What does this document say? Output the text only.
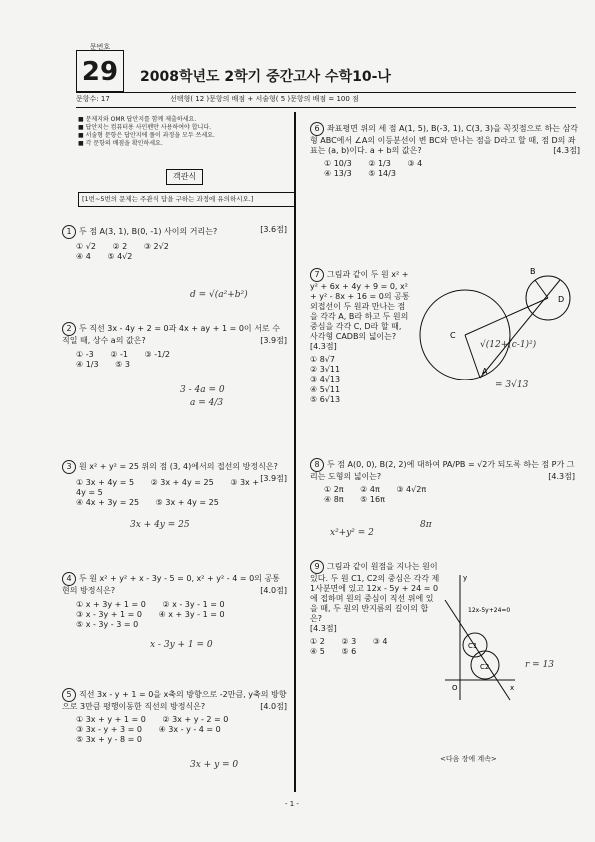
문번호
29	2008학년도 2학기 중간고사 수학10-나
문항수: 17	선택형( 12 )문항의 배점 + 서술형( 5 )문항의 배점 = 100 점
■ 문제지와 OMR 답안지를 함께 제출하세요.
■ 답안지는 컴퓨터용 사인펜만 사용하여야 합니다.
■ 서술형 문항은 답안지에 풀이 과정을 모두 쓰세요.
■ 각 문항의 배점을 확인하세요.
객관식
[1번~5번의 문제는 주관식 답을 구하는 과정에 유의하시오.]
1 두 점 A(3, 1), B(0, -1) 사이의 거리는?	[3.6점]
① √2 ② 2 ③ 2√2
④ 4 ⑤ 4√2
d = √(a²+b²)
2 두 직선 3x - 4y + 2 = 0과 4x + ay + 1 = 0이 서로 수직일 때, 상수 a의 값은?	[3.9점]
① -3 ② -1 ③ -1/2
④ 1/3 ⑤ 3
3 - 4a = 0
a = 4/3
3 원 x² + y² = 25 위의 점 (3, 4)에서의 접선의 방정식은?
[3.9점]
① 3x + 4y = 5 ② 3x + 4y = 25 ③ 3x + 4y = 5
④ 4x + 3y = 25 ⑤ 3x + 4y = 25
3x + 4y = 25
4 두 원 x² + y² + x - 3y - 5 = 0, x² + y² - 4 = 0의 공통현의 방정식은?	[4.0점]
① x + 3y + 1 = 0 ② x - 3y - 1 = 0
③ x - 3y + 1 = 0 ④ x + 3y - 1 = 0
⑤ x - 3y - 3 = 0
x - 3y + 1 = 0
5 직선 3x - y + 1 = 0을 x축의 방향으로 -2만큼, y축의 방향으로 3만큼 평행이동한 직선의 방정식은?	[4.0점]
① 3x + y + 1 = 0 ② 3x + y - 2 = 0
③ 3x - y + 3 = 0 ④ 3x - y - 4 = 0
⑤ 3x + y - 8 = 0
3x + y = 0
6 좌표평면 위의 세 점 A(1, 5), B(-3, 1), C(3, 3)을 꼭짓점으로 하는 삼각형 ABC에서 ∠A의 이등분선이 변 BC와 만나는 점을 D라고 할 때, 점 D의 좌표는 (a, b)이다. a + b의 값은?	[4.3점]
① 10/3 ② 1/3 ③ 4
④ 13/3 ⑤ 14/3
7 그림과 같이 두 원 x² + y² + 6x + 4y + 9 = 0, x² + y² - 8x + 16 = 0의 공통외접선이 두 원과 만나는 점을 각각 A, B라 하고 두 원의 중심을 각각 C, D라 할 때, 사각형 CADB의 넓이는?
[4.3점]
① 8√7
② 3√11
③ 4√13
④ 5√11
⑤ 6√13
C
A
B
D
√(12+(c-1)²)
= 3√13
8 두 점 A(0, 0), B(2, 2)에 대하여 PA/PB = √2가 되도록 하는 점 P가 그리는 도형의 넓이는?	[4.3점]
① 2π ② 4π ③ 4√2π
④ 8π ⑤ 16π
x²+y² = 2
8π
9 그림과 같이 원점을 지나는 원이 있다. 두 원 C1, C2의 중심은 각각 제1사분면에 있고 12x - 5y + 24 = 0에 접하며 원의 중심이 직선 위에 있을 때, 두 원의 반지름의 길이의 합은?
[4.3점]
① 2 ② 3 ③ 4
④ 5 ⑤ 6
O	x
y
C1
C2
12x-5y+24=0
r = 13
<다음 장에 계속>
- 1 -
